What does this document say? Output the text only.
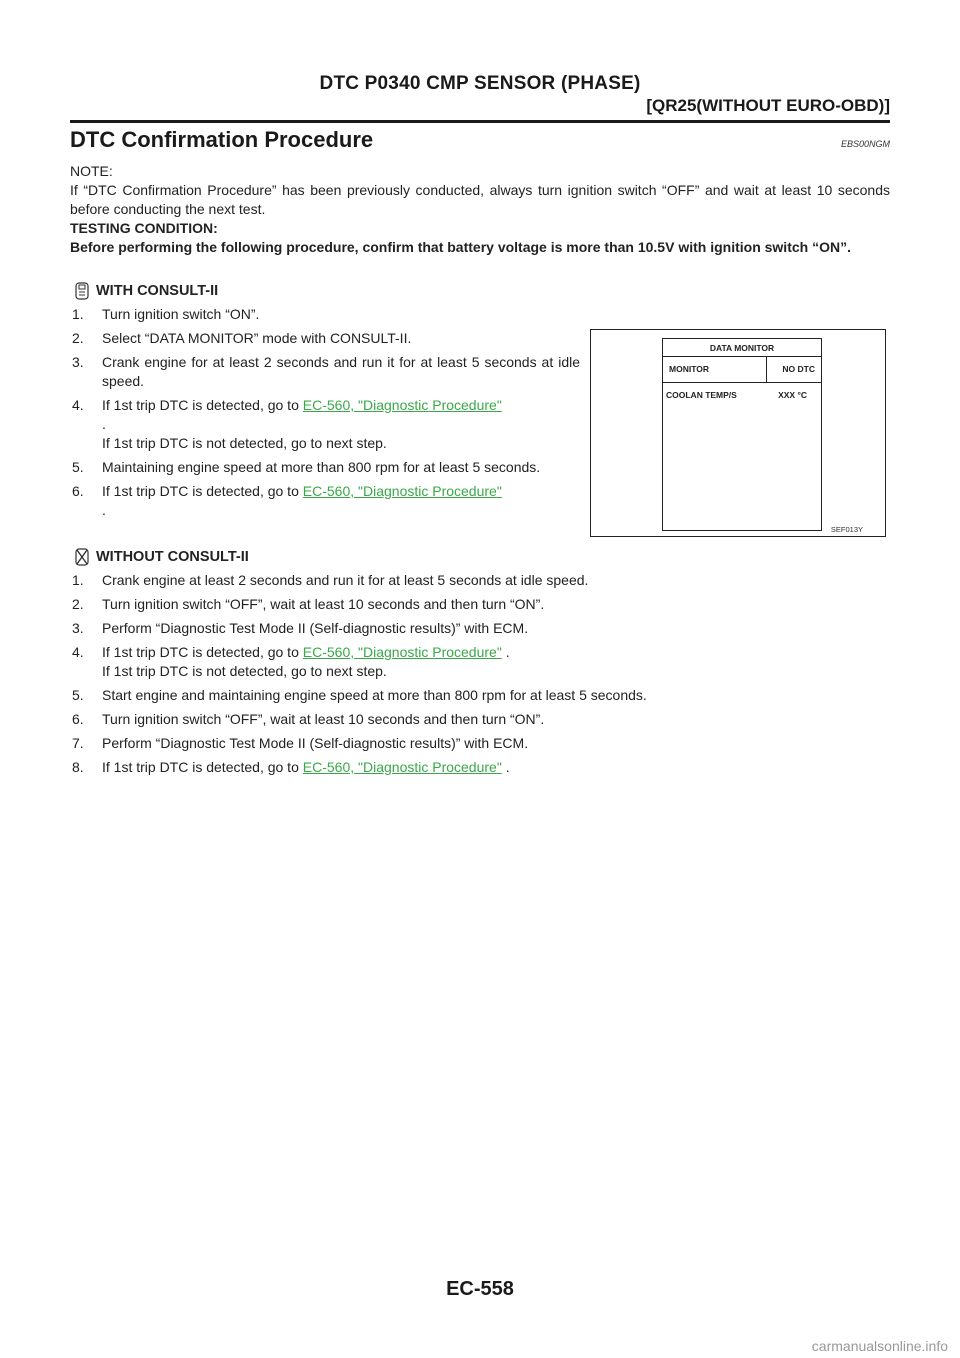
DTC P0340 CMP SENSOR (PHASE)
[QR25(WITHOUT EURO-OBD)]
DTC Confirmation Procedure	EBS00NGM
NOTE:
If “DTC Confirmation Procedure” has been previously conducted, always turn ignition switch “OFF” and wait at least 10 seconds before conducting the next test.
TESTING CONDITION:
Before performing the following procedure, confirm that battery voltage is more than 10.5V with ignition switch “ON”.
WITH CONSULT-II
1. Turn ignition switch “ON”.
2. Select “DATA MONITOR” mode with CONSULT-II.
3. Crank engine for at least 2 seconds and run it for at least 5 seconds at idle speed.
4. If 1st trip DTC is detected, go to EC-560, "Diagnostic Procedure"
.
If 1st trip DTC is not detected, go to next step.
5. Maintaining engine speed at more than 800 rpm for at least 5 seconds.
6. If 1st trip DTC is detected, go to EC-560, "Diagnostic Procedure"
.
DATA MONITOR
MONITOR	NO DTC
COOLAN TEMP/S	XXX °C
SEF013Y
WITHOUT CONSULT-II
1. Crank engine at least 2 seconds and run it for at least 5 seconds at idle speed.
2. Turn ignition switch “OFF”, wait at least 10 seconds and then turn “ON”.
3. Perform “Diagnostic Test Mode II (Self-diagnostic results)” with ECM.
4. If 1st trip DTC is detected, go to EC-560, "Diagnostic Procedure" .
If 1st trip DTC is not detected, go to next step.
5. Start engine and maintaining engine speed at more than 800 rpm for at least 5 seconds.
6. Turn ignition switch “OFF”, wait at least 10 seconds and then turn “ON”.
7. Perform “Diagnostic Test Mode II (Self-diagnostic results)” with ECM.
8. If 1st trip DTC is detected, go to EC-560, "Diagnostic Procedure" .
EC-558
carmanualsonline.info
